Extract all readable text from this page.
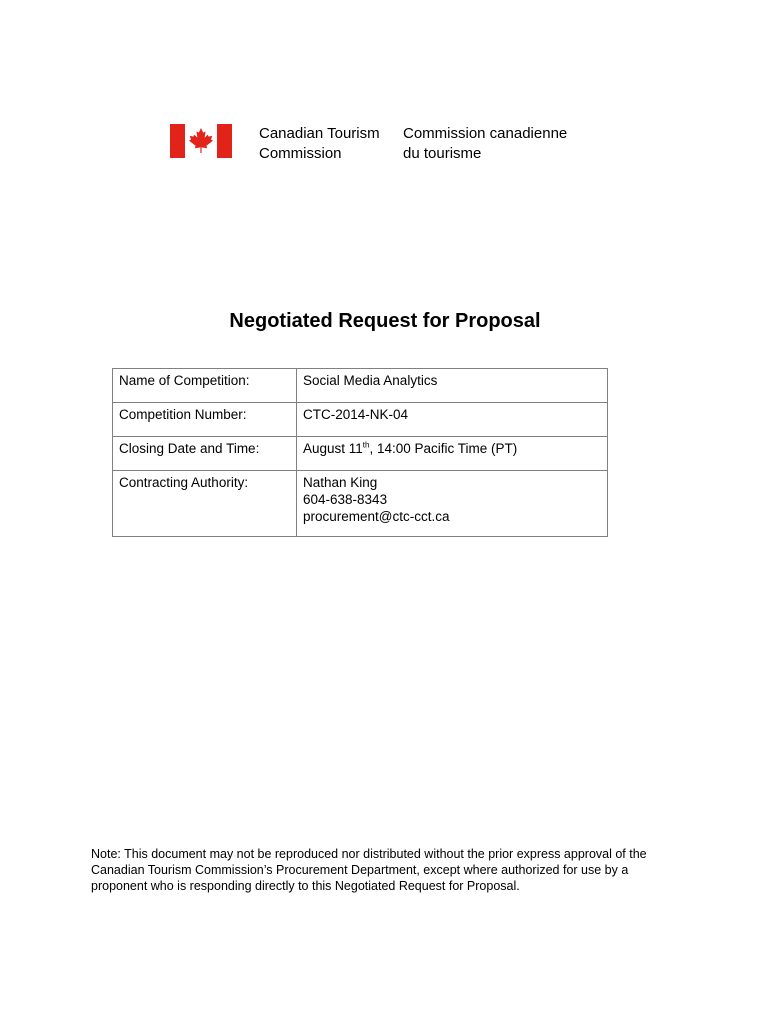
Canadian Tourism
Commission
Commission canadienne
du tourisme
Negotiated Request for Proposal
Name of Competition:	Social Media Analytics
Competition Number:	CTC-2014-NK-04
Closing Date and Time:	August 11th, 14:00 Pacific Time (PT)
Contracting Authority:	Nathan King
604-638-8343
procurement@ctc-cct.ca

Note: This document may not be reproduced nor distributed without the prior express approval of the
Canadian Tourism Commission’s Procurement Department, except where authorized for use by a
proponent who is responding directly to this Negotiated Request for Proposal.
